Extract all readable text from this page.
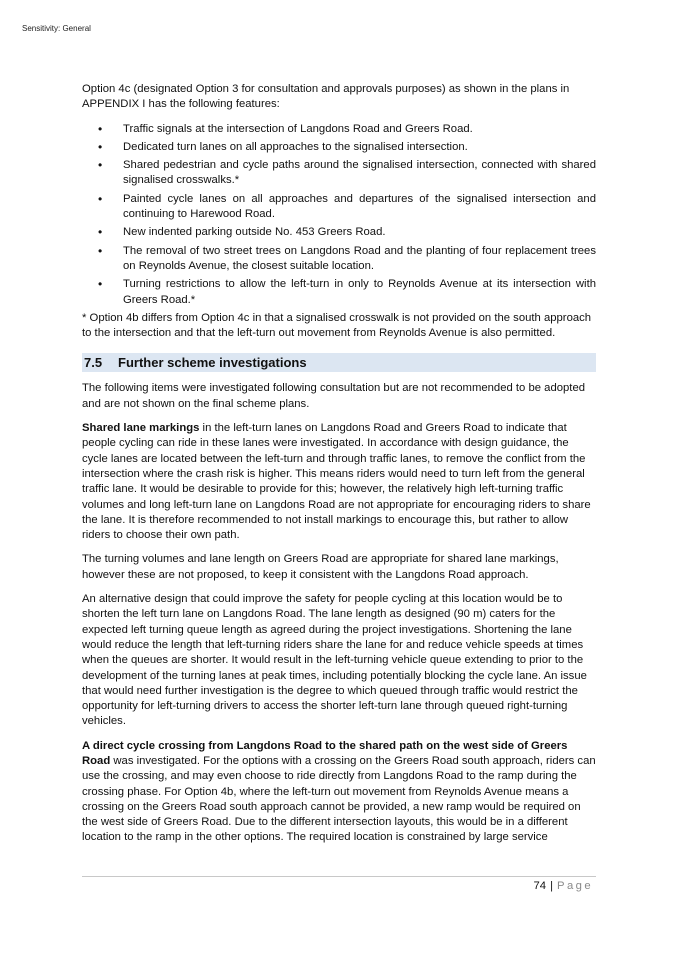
Sensitivity: General

Option 4c (designated Option 3 for consultation and approvals purposes) as shown in the plans in APPENDIX I has the following features:

• Traffic signals at the intersection of Langdons Road and Greers Road.
• Dedicated turn lanes on all approaches to the signalised intersection.
• Shared pedestrian and cycle paths around the signalised intersection, connected with shared signalised crosswalks.*
• Painted cycle lanes on all approaches and departures of the signalised intersection and continuing to Harewood Road.
• New indented parking outside No. 453 Greers Road.
• The removal of two street trees on Langdons Road and the planting of four replacement trees on Reynolds Avenue, the closest suitable location.
• Turning restrictions to allow the left-turn in only to Reynolds Avenue at its intersection with Greers Road.*

* Option 4b differs from Option 4c in that a signalised crosswalk is not provided on the south approach to the intersection and that the left-turn out movement from Reynolds Avenue is also permitted.

7.5	Further scheme investigations

The following items were investigated following consultation but are not recommended to be adopted and are not shown on the final scheme plans.

Shared lane markings in the left-turn lanes on Langdons Road and Greers Road to indicate that people cycling can ride in these lanes were investigated. In accordance with design guidance, the cycle lanes are located between the left-turn and through traffic lanes, to remove the conflict from the intersection where the crash risk is higher. This means riders would need to turn left from the general traffic lane. It would be desirable to provide for this; however, the relatively high left-turning traffic volumes and long left-turn lane on Langdons Road are not appropriate for encouraging riders to share the lane. It is therefore recommended to not install markings to encourage this, but rather to allow riders to choose their own path.

The turning volumes and lane length on Greers Road are appropriate for shared lane markings, however these are not proposed, to keep it consistent with the Langdons Road approach.

An alternative design that could improve the safety for people cycling at this location would be to shorten the left turn lane on Langdons Road. The lane length as designed (90 m) caters for the expected left turning queue length as agreed during the project investigations. Shortening the lane would reduce the length that left-turning riders share the lane for and reduce vehicle speeds at times when the queues are shorter. It would result in the left-turning vehicle queue extending to prior to the development of the turning lanes at peak times, including potentially blocking the cycle lane. An issue that would need further investigation is the degree to which queued through traffic would restrict the opportunity for left-turning drivers to access the shorter left-turn lane through queued right-turning vehicles.

A direct cycle crossing from Langdons Road to the shared path on the west side of Greers Road was investigated. For the options with a crossing on the Greers Road south approach, riders can use the crossing, and may even choose to ride directly from Langdons Road to the ramp during the crossing phase. For Option 4b, where the left-turn out movement from Reynolds Avenue means a crossing on the Greers Road south approach cannot be provided, a new ramp would be required on the west side of Greers Road. Due to the different intersection layouts, this would be in a different location to the ramp in the other options. The required location is constrained by large service

74 | Page
